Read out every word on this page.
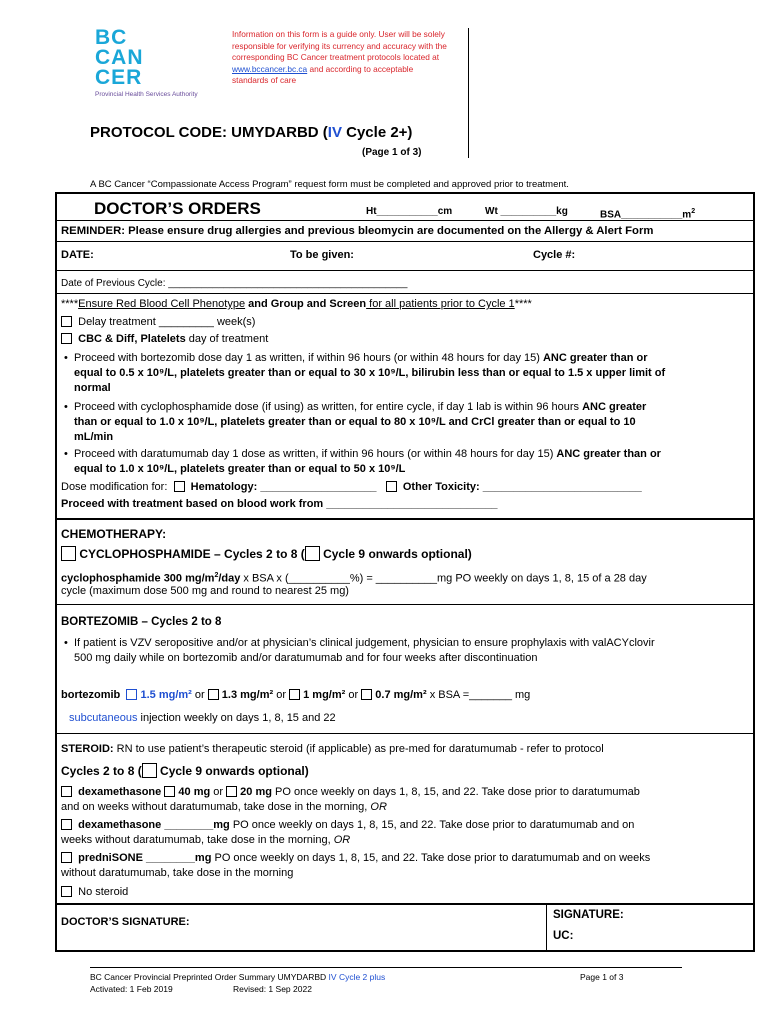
BC
CAN
CER
Provincial Health Services Authority
Information on this form is a guide only. User will be solely responsible for verifying its currency and accuracy with the corresponding BC Cancer treatment protocols located at www.bccancer.bc.ca and according to acceptable standards of care
PROTOCOL CODE: UMYDARBD (IV Cycle 2+)
(Page 1 of 3)
A BC Cancer “Compassionate Access Program” request form must be completed and approved prior to treatment.
DOCTOR’S ORDERS	Ht___________cm	Wt __________kg	$BSA\_\_\_\_\_\_\_\_\_\_\_m^2$
REMINDER: Please ensure drug allergies and previous bleomycin are documented on the Allergy & Alert Form
DATE:	To be given:	Cycle #:
Date of Previous Cycle: ___________________________________________
****Ensure Red Blood Cell Phenotype and Group and Screen for all patients prior to Cycle 1****
Delay treatment _________ week(s)
CBC & Diff, Platelets day of treatment
• Proceed with bortezomib dose day 1 as written, if within 96 hours (or within 48 hours for day 15) ANC greater than or
equal to 0.5 x 10⁹/L, platelets greater than or equal to 30 x 10⁹/L, bilirubin less than or equal to 1.5 x upper limit of
normal
• Proceed with cyclophosphamide dose (if using) as written, for entire cycle, if day 1 lab is within 96 hours ANC greater
than or equal to 1.0 x 10⁹/L, platelets greater than or equal to 80 x 10⁹/L and CrCl greater than or equal to 10
mL/min
• Proceed with daratumumab day 1 dose as written, if within 96 hours (or within 48 hours for day 15) ANC greater than or
equal to 1.0 x 10⁹/L, platelets greater than or equal to 50 x 10⁹/L
Dose modification for: Hematology: ___________________ Other Toxicity: __________________________
Proceed with treatment based on blood work from ____________________________
CHEMOTHERAPY:
CYCLOPHOSPHAMIDE – Cycles 2 to 8 ( Cycle 9 onwards optional)
cyclophosphamide 300 $mg/m^2$/day x BSA x (__________%) = __________mg PO weekly on days 1, 8, 15 of a 28 day
cycle (maximum dose 500 mg and round to nearest 25 mg)
BORTEZOMIB – Cycles 2 to 8
• If patient is VZV seropositive and/or at physician’s clinical judgement, physician to ensure prophylaxis with valACYclovir
500 mg daily while on bortezomib and/or daratumumab and for four weeks after discontinuation
bortezomib 1.5 mg/m² or  1.3 mg/m² or  1 mg/m² or  0.7 mg/m² x BSA =_______ mg
subcutaneous injection weekly on days 1, 8, 15 and 22
STEROID: RN to use patient’s therapeutic steroid (if applicable) as pre-med for daratumumab - refer to protocol
Cycles 2 to 8 ( Cycle 9 onwards optional)
dexamethasone 40 mg or  20 mg PO once weekly on days 1, 8, 15, and 22. Take dose prior to daratumumab
and on weeks without daratumumab, take dose in the morning, OR
dexamethasone ________mg PO once weekly on days 1, 8, 15, and 22. Take dose prior to daratumumab and on
weeks without daratumumab, take dose in the morning, OR
predniSONE ________mg PO once weekly on days 1, 8, 15, and 22. Take dose prior to daratumumab and on weeks
without daratumumab, take dose in the morning
No steroid
DOCTOR’S SIGNATURE:
SIGNATURE:
UC:
BC Cancer Provincial Preprinted Order Summary UMYDARBD IV Cycle 2 plus
Activated: 1 Feb 2019	Revised: 1 Sep 2022
Page 1 of 3
